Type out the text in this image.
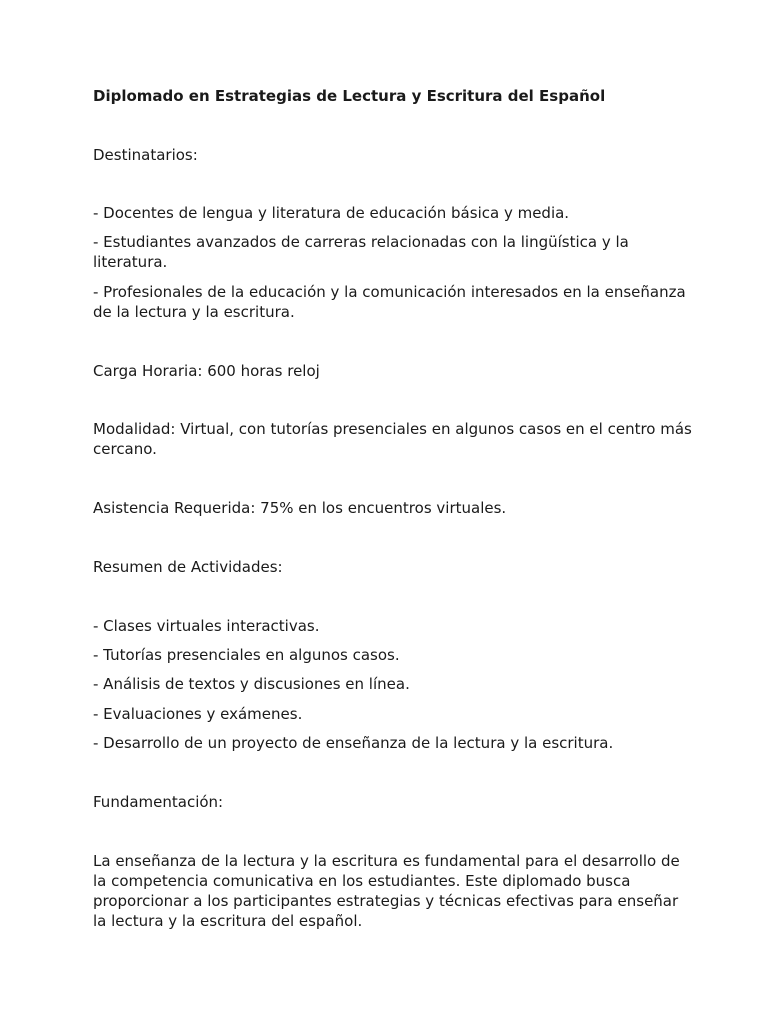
Diplomado en Estrategias de Lectura y Escritura del Español

Destinatarios:

- Docentes de lengua y literatura de educación básica y media.

- Estudiantes avanzados de carreras relacionadas con la lingüística y la literatura.

- Profesionales de la educación y la comunicación interesados en la enseñanza de la lectura y la escritura.

Carga Horaria: 600 horas reloj

Modalidad: Virtual, con tutorías presenciales en algunos casos en el centro más cercano.

Asistencia Requerida: 75% en los encuentros virtuales.

Resumen de Actividades:

- Clases virtuales interactivas.

- Tutorías presenciales en algunos casos.

- Análisis de textos y discusiones en línea.

- Evaluaciones y exámenes.

- Desarrollo de un proyecto de enseñanza de la lectura y la escritura.

Fundamentación:

La enseñanza de la lectura y la escritura es fundamental para el desarrollo de la competencia comunicativa en los estudiantes. Este diplomado busca proporcionar a los participantes estrategias y técnicas efectivas para enseñar la lectura y la escritura del español.
